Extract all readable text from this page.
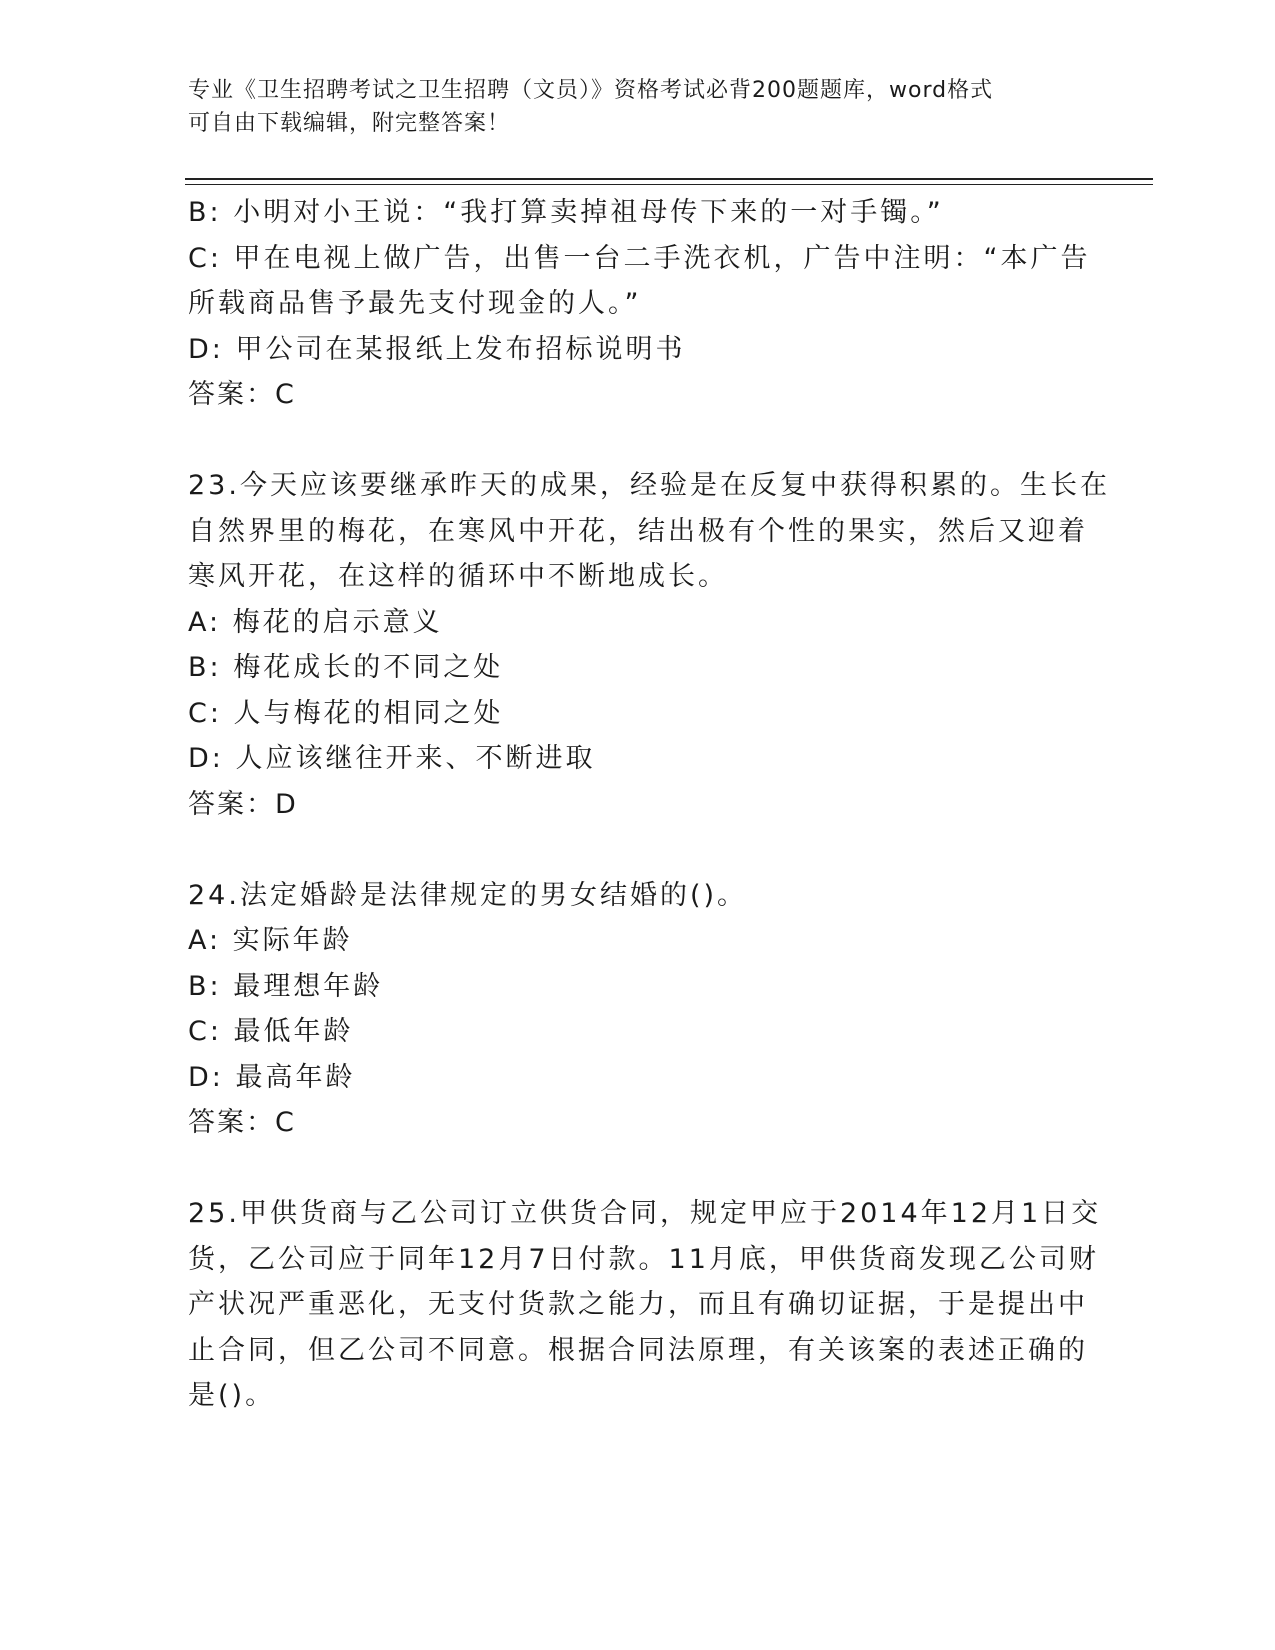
专业《卫生招聘考试之卫生招聘（文员）》资格考试必背200题题库，word格式

可自由下载编辑，附完整答案！

B: 小明对小王说：“我打算卖掉祖母传下来的一对手镯。”

C: 甲在电视上做广告，出售一台二手洗衣机，广告中注明：“本广告

所载商品售予最先支付现金的人。”

D: 甲公司在某报纸上发布招标说明书

答案：C

23.今天应该要继承昨天的成果，经验是在反复中获得积累的。生长在

自然界里的梅花，在寒风中开花，结出极有个性的果实，然后又迎着

寒风开花，在这样的循环中不断地成长。

A: 梅花的启示意义

B: 梅花成长的不同之处

C: 人与梅花的相同之处

D: 人应该继往开来、不断进取

答案：D

24.法定婚龄是法律规定的男女结婚的()。

A: 实际年龄

B: 最理想年龄

C: 最低年龄

D: 最高年龄

答案：C

25.甲供货商与乙公司订立供货合同，规定甲应于2014年12月1日交

货，乙公司应于同年12月7日付款。11月底，甲供货商发现乙公司财

产状况严重恶化，无支付货款之能力，而且有确切证据，于是提出中

止合同，但乙公司不同意。根据合同法原理，有关该案的表述正确的

是()。
